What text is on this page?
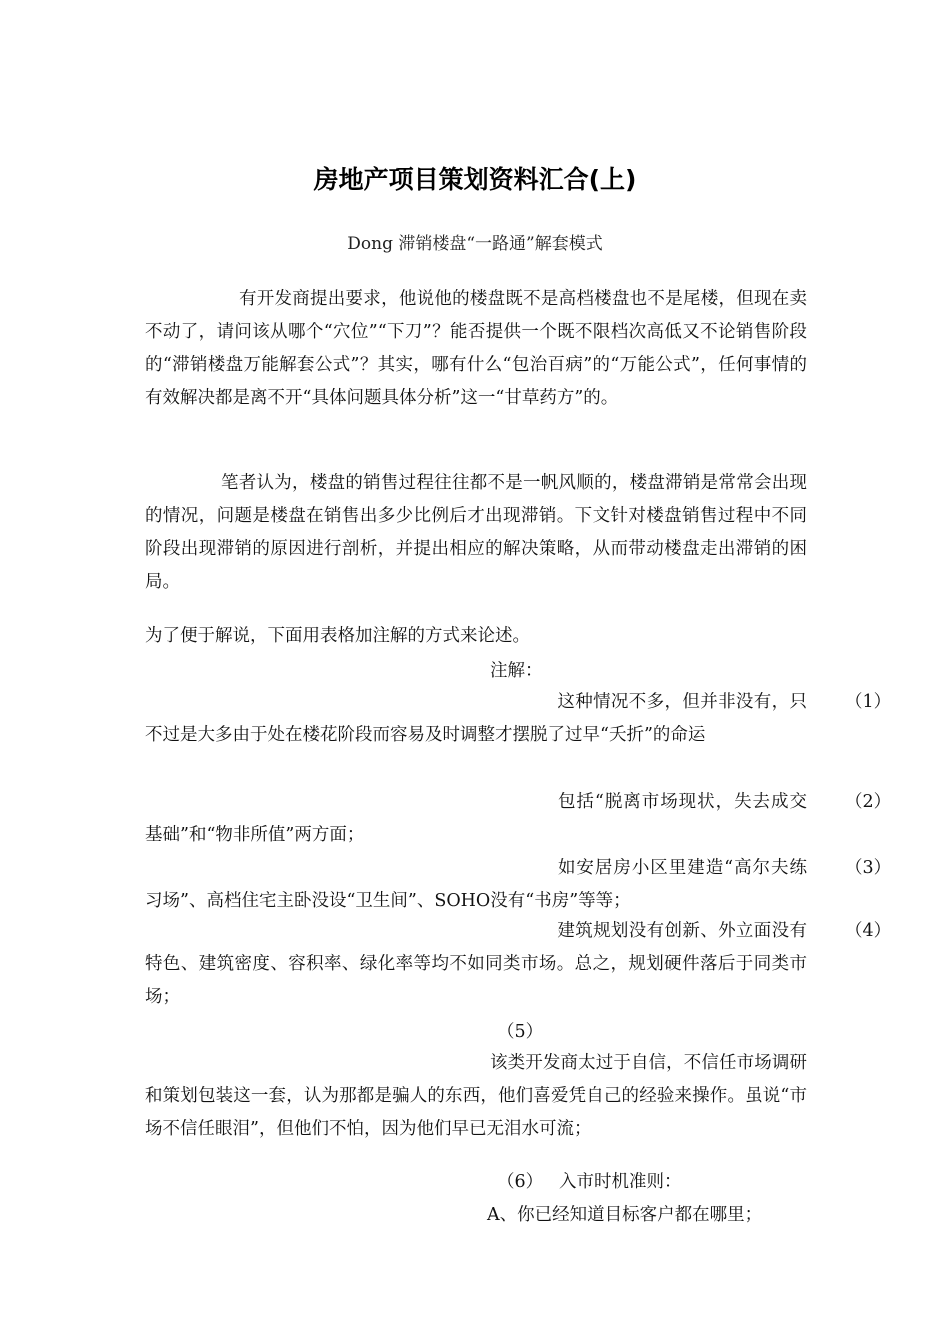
房地产项目策划资料汇合(上)
Dong 滞销楼盘“一路通”解套模式

有开发商提出要求，他说他的楼盘既不是高档楼盘也不是尾楼，但现在卖不动了，请问该从哪个“穴位”“下刀”？能否提供一个既不限档次高低又不论销售阶段的“滞销楼盘万能解套公式”？其实，哪有什么“包治百病”的“万能公式”，任何事情的有效解决都是离不开“具体问题具体分析”这一“甘草药方”的。

笔者认为，楼盘的销售过程往往都不是一帆风顺的，楼盘滞销是常常会出现的情况，问题是楼盘在销售出多少比例后才出现滞销。下文针对楼盘销售过程中不同阶段出现滞销的原因进行剖析，并提出相应的解决策略，从而带动楼盘走出滞销的困局。

为了便于解说，下面用表格加注解的方式来论述。

注解：

（1）这种情况不多，但并非没有，只不过是大多由于处在楼花阶段而容易及时调整才摆脱了过早“夭折”的命运

（2）包括“脱离市场现状，失去成交基础”和“物非所值”两方面；

（3）如安居房小区里建造“高尔夫练习场”、高档住宅主卧没设“卫生间”、SOHO没有“书房”等等；

（4）建筑规划没有创新、外立面没有特色、建筑密度、容积率、绿化率等均不如同类市场。总之，规划硬件落后于同类市场；

（5）

该类开发商太过于自信，不信任市场调研和策划包装这一套，认为那都是骗人的东西，他们喜爱凭自己的经验来操作。虽说“市场不信任眼泪”，但他们不怕，因为他们早已无泪水可流；

（6） 入市时机准则：
A、你已经知道目标客户都在哪里；
